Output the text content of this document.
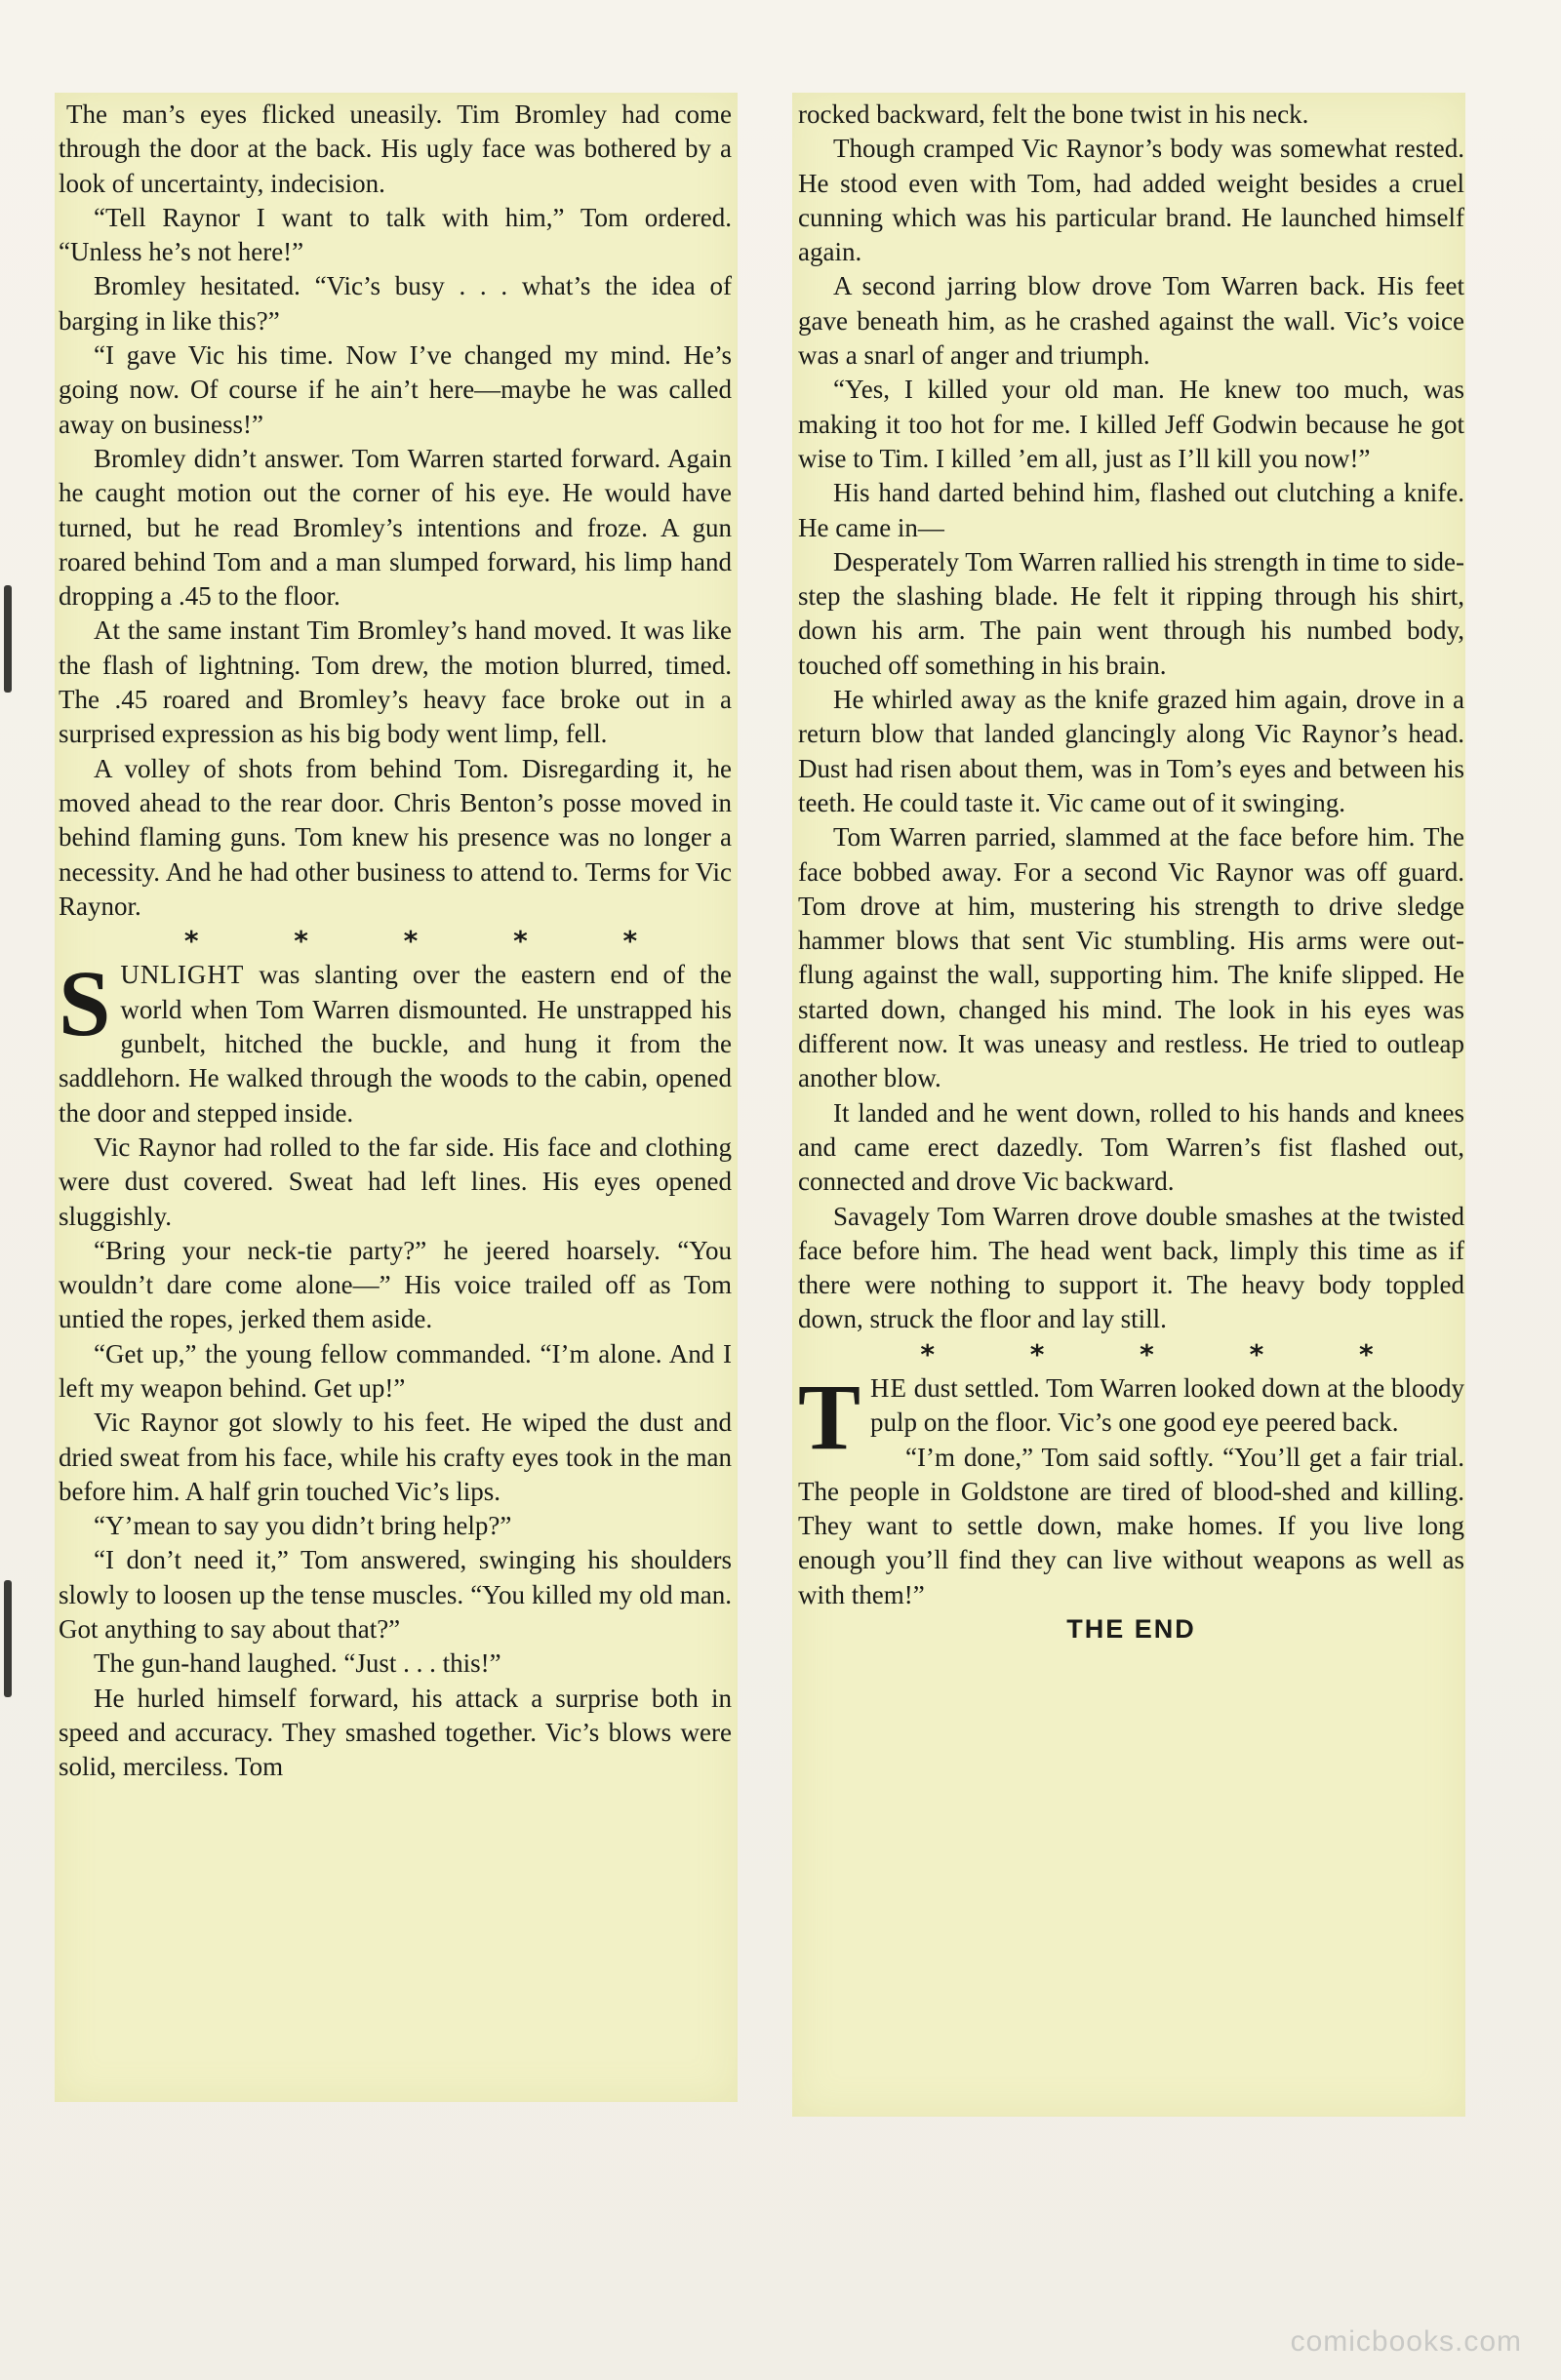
The man’s eyes flicked uneasily. Tim Bromley had come through the door at the back. His ugly face was bothered by a look of uncertainty, indecision.

“Tell Raynor I want to talk with him,” Tom ordered. “Unless he’s not here!”

Bromley hesitated. “Vic’s busy . . . what’s the idea of barging in like this?”

“I gave Vic his time. Now I’ve changed my mind. He’s going now. Of course if he ain’t here—maybe he was called away on business!”

Bromley didn’t answer. Tom Warren started forward. Again he caught motion out the corner of his eye. He would have turned, but he read Bromley’s intentions and froze. A gun roared behind Tom and a man slumped forward, his limp hand dropping a .45 to the floor.

At the same instant Tim Bromley’s hand moved. It was like the flash of lightning. Tom drew, the motion blurred, timed. The .45 roared and Bromley’s heavy face broke out in a surprised expression as his big body went limp, fell.

A volley of shots from behind Tom. Disregarding it, he moved ahead to the rear door. Chris Benton’s posse moved in behind flaming guns. Tom knew his presence was no longer a necessity. And he had other business to attend to. Terms for Vic Raynor.

* * * * *

SUNLIGHT was slanting over the eastern end of the world when Tom Warren dismounted. He unstrapped his gunbelt, hitched the buckle, and hung it from the saddlehorn. He walked through the woods to the cabin, opened the door and stepped inside.

Vic Raynor had rolled to the far side. His face and clothing were dust covered. Sweat had left lines. His eyes opened sluggishly.

“Bring your neck-tie party?” he jeered hoarsely. “You wouldn’t dare come alone—” His voice trailed off as Tom untied the ropes, jerked them aside.

“Get up,” the young fellow commanded. “I’m alone. And I left my weapon behind. Get up!”

Vic Raynor got slowly to his feet. He wiped the dust and dried sweat from his face, while his crafty eyes took in the man before him. A half grin touched Vic’s lips.

“Y’mean to say you didn’t bring help?”

“I don’t need it,” Tom answered, swinging his shoulders slowly to loosen up the tense muscles. “You killed my old man. Got anything to say about that?”

The gun-hand laughed. “Just . . . this!”

He hurled himself forward, his attack a surprise both in speed and accuracy. They smashed together. Vic’s blows were solid, merciless. Tom

rocked backward, felt the bone twist in his neck.

Though cramped Vic Raynor’s body was somewhat rested. He stood even with Tom, had added weight besides a cruel cunning which was his particular brand. He launched himself again.

A second jarring blow drove Tom Warren back. His feet gave beneath him, as he crashed against the wall. Vic’s voice was a snarl of anger and triumph.

“Yes, I killed your old man. He knew too much, was making it too hot for me. I killed Jeff Godwin because he got wise to Tim. I killed ’em all, just as I’ll kill you now!”

His hand darted behind him, flashed out clutching a knife. He came in—

Desperately Tom Warren rallied his strength in time to side-step the slashing blade. He felt it ripping through his shirt, down his arm. The pain went through his numbed body, touched off something in his brain.

He whirled away as the knife grazed him again, drove in a return blow that landed glancingly along Vic Raynor’s head. Dust had risen about them, was in Tom’s eyes and between his teeth. He could taste it. Vic came out of it swinging.

Tom Warren parried, slammed at the face before him. The face bobbed away. For a second Vic Raynor was off guard. Tom drove at him, mustering his strength to drive sledge hammer blows that sent Vic stumbling. His arms were out-flung against the wall, supporting him. The knife slipped. He started down, changed his mind. The look in his eyes was different now. It was uneasy and restless. He tried to outleap another blow.

It landed and he went down, rolled to his hands and knees and came erect dazedly. Tom Warren’s fist flashed out, connected and drove Vic backward.

Savagely Tom Warren drove double smashes at the twisted face before him. The head went back, limply this time as if there were nothing to support it. The heavy body toppled down, struck the floor and lay still.

* * * * *

THE dust settled. Tom Warren looked down at the bloody pulp on the floor. Vic’s one good eye peered back.

“I’m done,” Tom said softly. “You’ll get a fair trial. The people in Goldstone are tired of blood-shed and killing. They want to settle down, make homes. If you live long enough you’ll find they can live without weapons as well as with them!”

THE END

comicbooks.com
